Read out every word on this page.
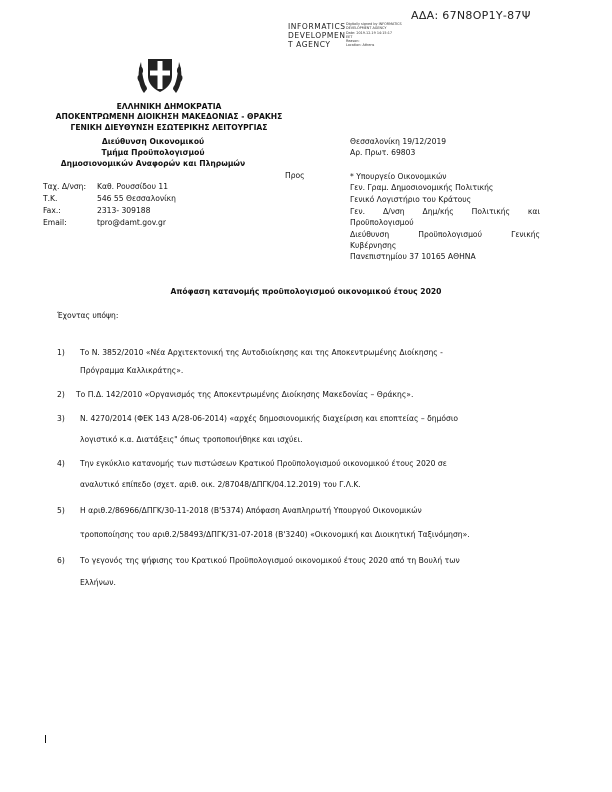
ΑΔΑ: 67Ν8ΟΡ1Υ-87Ψ
INFORMATICS
DEVELOPMEN
T AGENCY
Digitally signed by INFORMATICS
DEVELOPMENT AGENCY
Date: 2019.12.19 14:15:17
EET
Reason:
Location: Athens
ΕΛΛΗΝΙΚΗ ΔΗΜΟΚΡΑΤΙΑ
ΑΠΟΚΕΝΤΡΩΜΕΝΗ ΔΙΟΙΚΗΣΗ ΜΑΚΕΔΟΝΙΑΣ - ΘΡΑΚΗΣ
ΓΕΝΙΚΗ ΔΙΕΥΘΥΝΣΗ ΕΣΩΤΕΡΙΚΗΣ ΛΕΙΤΟΥΡΓΙΑΣ
Διεύθυνση Οικονομικού
Τμήμα Προϋπολογισμού
Δημοσιονομικών Αναφορών και Πληρωμών
Θεσσαλονίκη 19/12/2019
Αρ. Πρωτ. 69803
Ταχ. Δ/νση: Καθ. Ρουσσίδου 11
Τ.Κ.	546 55 Θεσσαλονίκη
Fax.:	2313- 309188
Email:	tpro@damt.gov.gr
Προς	* Υπουργείο Οικονομικών
Γεν. Γραμ. Δημοσιονομικής Πολιτικής
Γενικό Λογιστήριο του Κράτους
Γεν. Δ/νση Δημ/κής Πολιτικής και
Προϋπολογισμού
Διεύθυνση Προϋπολογισμού Γενικής
Κυβέρνησης
Πανεπιστημίου 37 10165 ΑΘΗΝΑ
Απόφαση κατανομής προϋπολογισμού οικονομικού έτους 2020
Έχοντας υπόψη:
1) Το Ν. 3852/2010 «Νέα Αρχιτεκτονική της Αυτοδιοίκησης και της Αποκεντρωμένης Διοίκησης -
Πρόγραμμα Καλλικράτης».
2) Το Π.Δ. 142/2010 «Οργανισμός της Αποκεντρωμένης Διοίκησης Μακεδονίας – Θράκης».
3) Ν. 4270/2014 (ΦΕΚ 143 Α/28-06-2014) «αρχές δημοσιονομικής διαχείριση και εποπτείας – δημόσιο
λογιστικό κ.α. Διατάξεις" όπως τροποποιήθηκε και ισχύει.
4) Την εγκύκλιο κατανομής των πιστώσεων Κρατικού Προϋπολογισμού οικονομικού έτους 2020 σε
αναλυτικό επίπεδο (σχετ. αριθ. οικ. 2/87048/ΔΠΓΚ/04.12.2019) του Γ.Λ.Κ.
5) Η αριθ.2/86966/ΔΠΓΚ/30-11-2018 (Β'5374) Απόφαση Αναπληρωτή Υπουργού Οικονομικών
τροποποίησης του αριθ.2/58493/ΔΠΓΚ/31-07-2018 (Β'3240) «Οικονομική και Διοικητική Ταξινόμηση».
6) Το γεγονός της ψήφισης του Κρατικού Προϋπολογισμού οικονομικού έτους 2020 από τη Βουλή των
Ελλήνων.
